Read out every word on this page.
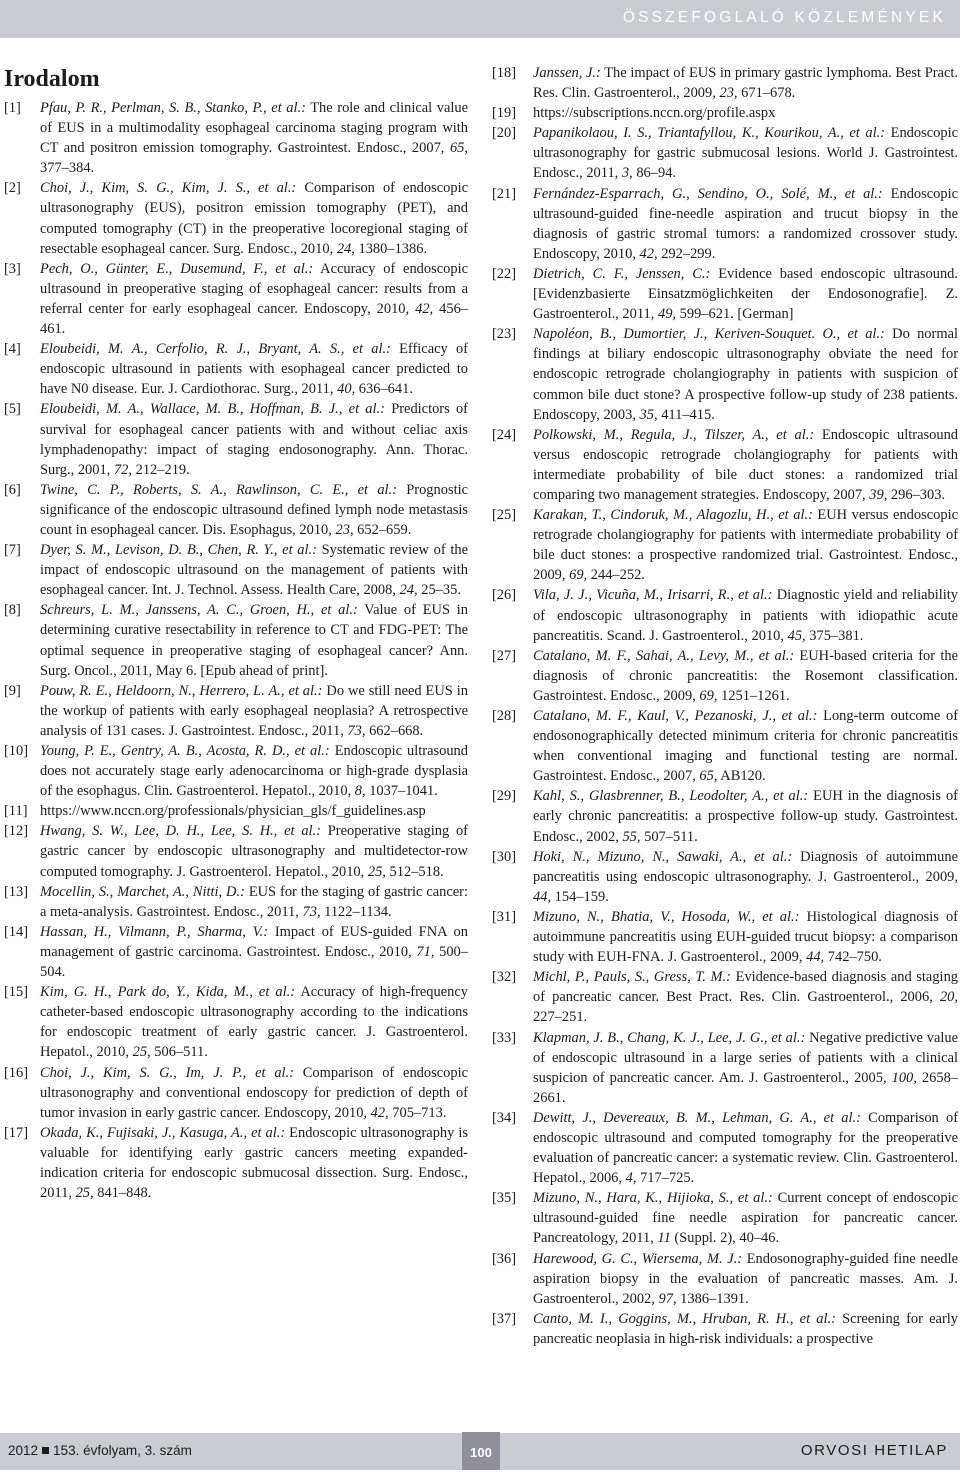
ÖSSZEFOGLALÓ KÖZLEMÉNYEK
Irodalom

[1] Pfau, P. R., Perlman, S. B., Stanko, P., et al.: The role and clinical value of EUS in a multimodality esophageal carcinoma staging program with CT and positron emission tomography. Gastrointest. Endosc., 2007, 65, 377–384.

[2] Choi, J., Kim, S. G., Kim, J. S., et al.: Comparison of endoscopic ultrasonography (EUS), positron emission tomography (PET), and computed tomography (CT) in the preoperative locoregional staging of resectable esophageal cancer. Surg. Endosc., 2010, 24, 1380–1386.

[3] Pech, O., Günter, E., Dusemund, F., et al.: Accuracy of endoscopic ultrasound in preoperative staging of esophageal cancer: results from a referral center for early esophageal cancer. Endoscopy, 2010, 42, 456–461.

[4] Eloubeidi, M. A., Cerfolio, R. J., Bryant, A. S., et al.: Efficacy of endoscopic ultrasound in patients with esophageal cancer predicted to have N0 disease. Eur. J. Cardiothorac. Surg., 2011, 40, 636–641.

[5] Eloubeidi, M. A., Wallace, M. B., Hoffman, B. J., et al.: Predictors of survival for esophageal cancer patients with and without celiac axis lymphadenopathy: impact of staging endosonography. Ann. Thorac. Surg., 2001, 72, 212–219.

[6] Twine, C. P., Roberts, S. A., Rawlinson, C. E., et al.: Prognostic significance of the endoscopic ultrasound defined lymph node metastasis count in esophageal cancer. Dis. Esophagus, 2010, 23, 652–659.

[7] Dyer, S. M., Levison, D. B., Chen, R. Y., et al.: Systematic review of the impact of endoscopic ultrasound on the management of patients with esophageal cancer. Int. J. Technol. Assess. Health Care, 2008, 24, 25–35.

[8] Schreurs, L. M., Janssens, A. C., Groen, H., et al.: Value of EUS in determining curative resectability in reference to CT and FDG-PET: The optimal sequence in preoperative staging of esophageal cancer? Ann. Surg. Oncol., 2011, May 6. [Epub ahead of print].

[9] Pouw, R. E., Heldoorn, N., Herrero, L. A., et al.: Do we still need EUS in the workup of patients with early esophageal neoplasia? A retrospective analysis of 131 cases. J. Gastrointest. Endosc., 2011, 73, 662–668.

[10] Young, P. E., Gentry, A. B., Acosta, R. D., et al.: Endoscopic ultrasound does not accurately stage early adenocarcinoma or high-grade dysplasia of the esophagus. Clin. Gastroenterol. Hepatol., 2010, 8, 1037–1041.

[11] https://www.nccn.org/professionals/physician_gls/f_guidelines.asp

[12] Hwang, S. W., Lee, D. H., Lee, S. H., et al.: Preoperative staging of gastric cancer by endoscopic ultrasonography and multidetector-row computed tomography. J. Gastroenterol. Hepatol., 2010, 25, 512–518.

[13] Mocellin, S., Marchet, A., Nitti, D.: EUS for the staging of gastric cancer: a meta-analysis. Gastrointest. Endosc., 2011, 73, 1122–1134.

[14] Hassan, H., Vilmann, P., Sharma, V.: Impact of EUS-guided FNA on management of gastric carcinoma. Gastrointest. Endosc., 2010, 71, 500–504.

[15] Kim, G. H., Park do, Y., Kida, M., et al.: Accuracy of high-frequency catheter-based endoscopic ultrasonography according to the indications for endoscopic treatment of early gastric cancer. J. Gastroenterol. Hepatol., 2010, 25, 506–511.

[16] Choi, J., Kim, S. G., Im, J. P., et al.: Comparison of endoscopic ultrasonography and conventional endoscopy for prediction of depth of tumor invasion in early gastric cancer. Endoscopy, 2010, 42, 705–713.

[17] Okada, K., Fujisaki, J., Kasuga, A., et al.: Endoscopic ultrasonography is valuable for identifying early gastric cancers meeting expanded-indication criteria for endoscopic submucosal dissection. Surg. Endosc., 2011, 25, 841–848.

[18] Janssen, J.: The impact of EUS in primary gastric lymphoma. Best Pract. Res. Clin. Gastroenterol., 2009, 23, 671–678.

[19] https://subscriptions.nccn.org/profile.aspx

[20] Papanikolaou, I. S., Triantafyllou, K., Kourikou, A., et al.: Endoscopic ultrasonography for gastric submucosal lesions. World J. Gastrointest. Endosc., 2011, 3, 86–94.

[21] Fernández-Esparrach, G., Sendino, O., Solé, M., et al.: Endoscopic ultrasound-guided fine-needle aspiration and trucut biopsy in the diagnosis of gastric stromal tumors: a randomized crossover study. Endoscopy, 2010, 42, 292–299.

[22] Dietrich, C. F., Jenssen, C.: Evidence based endoscopic ultrasound. [Evidenzbasierte Einsatzmöglichkeiten der Endosonografie]. Z. Gastroenterol., 2011, 49, 599–621. [German]

[23] Napoléon, B., Dumortier, J., Keriven-Souquet. O., et al.: Do normal findings at biliary endoscopic ultrasonography obviate the need for endoscopic retrograde cholangiography in patients with suspicion of common bile duct stone? A prospective follow-up study of 238 patients. Endoscopy, 2003, 35, 411–415.

[24] Polkowski, M., Regula, J., Tilszer, A., et al.: Endoscopic ultrasound versus endoscopic retrograde cholangiography for patients with intermediate probability of bile duct stones: a randomized trial comparing two management strategies. Endoscopy, 2007, 39, 296–303.

[25] Karakan, T., Cindoruk, M., Alagozlu, H., et al.: EUH versus endoscopic retrograde cholangiography for patients with intermediate probability of bile duct stones: a prospective randomized trial. Gastrointest. Endosc., 2009, 69, 244–252.

[26] Vila, J. J., Vicuña, M., Irisarri, R., et al.: Diagnostic yield and reliability of endoscopic ultrasonography in patients with idiopathic acute pancreatitis. Scand. J. Gastroenterol., 2010, 45, 375–381.

[27] Catalano, M. F., Sahai, A., Levy, M., et al.: EUH-based criteria for the diagnosis of chronic pancreatitis: the Rosemont classification. Gastrointest. Endosc., 2009, 69, 1251–1261.

[28] Catalano, M. F., Kaul, V., Pezanoski, J., et al.: Long-term outcome of endosonographically detected minimum criteria for chronic pancreatitis when conventional imaging and functional testing are normal. Gastrointest. Endosc., 2007, 65, AB120.

[29] Kahl, S., Glasbrenner, B., Leodolter, A., et al.: EUH in the diagnosis of early chronic pancreatitis: a prospective follow-up study. Gastrointest. Endosc., 2002, 55, 507–511.

[30] Hoki, N., Mizuno, N., Sawaki, A., et al.: Diagnosis of autoimmune pancreatitis using endoscopic ultrasonography. J. Gastroenterol., 2009, 44, 154–159.

[31] Mizuno, N., Bhatia, V., Hosoda, W., et al.: Histological diagnosis of autoimmune pancreatitis using EUH-guided trucut biopsy: a comparison study with EUH-FNA. J. Gastroenterol., 2009, 44, 742–750.

[32] Michl, P., Pauls, S., Gress, T. M.: Evidence-based diagnosis and staging of pancreatic cancer. Best Pract. Res. Clin. Gastroenterol., 2006, 20, 227–251.

[33] Klapman, J. B., Chang, K. J., Lee, J. G., et al.: Negative predictive value of endoscopic ultrasound in a large series of patients with a clinical suspicion of pancreatic cancer. Am. J. Gastroenterol., 2005, 100, 2658–2661.

[34] Dewitt, J., Devereaux, B. M., Lehman, G. A., et al.: Comparison of endoscopic ultrasound and computed tomography for the preoperative evaluation of pancreatic cancer: a systematic review. Clin. Gastroenterol. Hepatol., 2006, 4, 717–725.

[35] Mizuno, N., Hara, K., Hijioka, S., et al.: Current concept of endoscopic ultrasound-guided fine needle aspiration for pancreatic cancer. Pancreatology, 2011, 11 (Suppl. 2), 40–46.

[36] Harewood, G. C., Wiersema, M. J.: Endosonography-guided fine needle aspiration biopsy in the evaluation of pancreatic masses. Am. J. Gastroenterol., 2002, 97, 1386–1391.

[37] Canto, M. I., Goggins, M., Hruban, R. H., et al.: Screening for early pancreatic neoplasia in high-risk individuals: a prospective

2012 153. évfolyam, 3. szám	ORVOSI HETILAP
100
